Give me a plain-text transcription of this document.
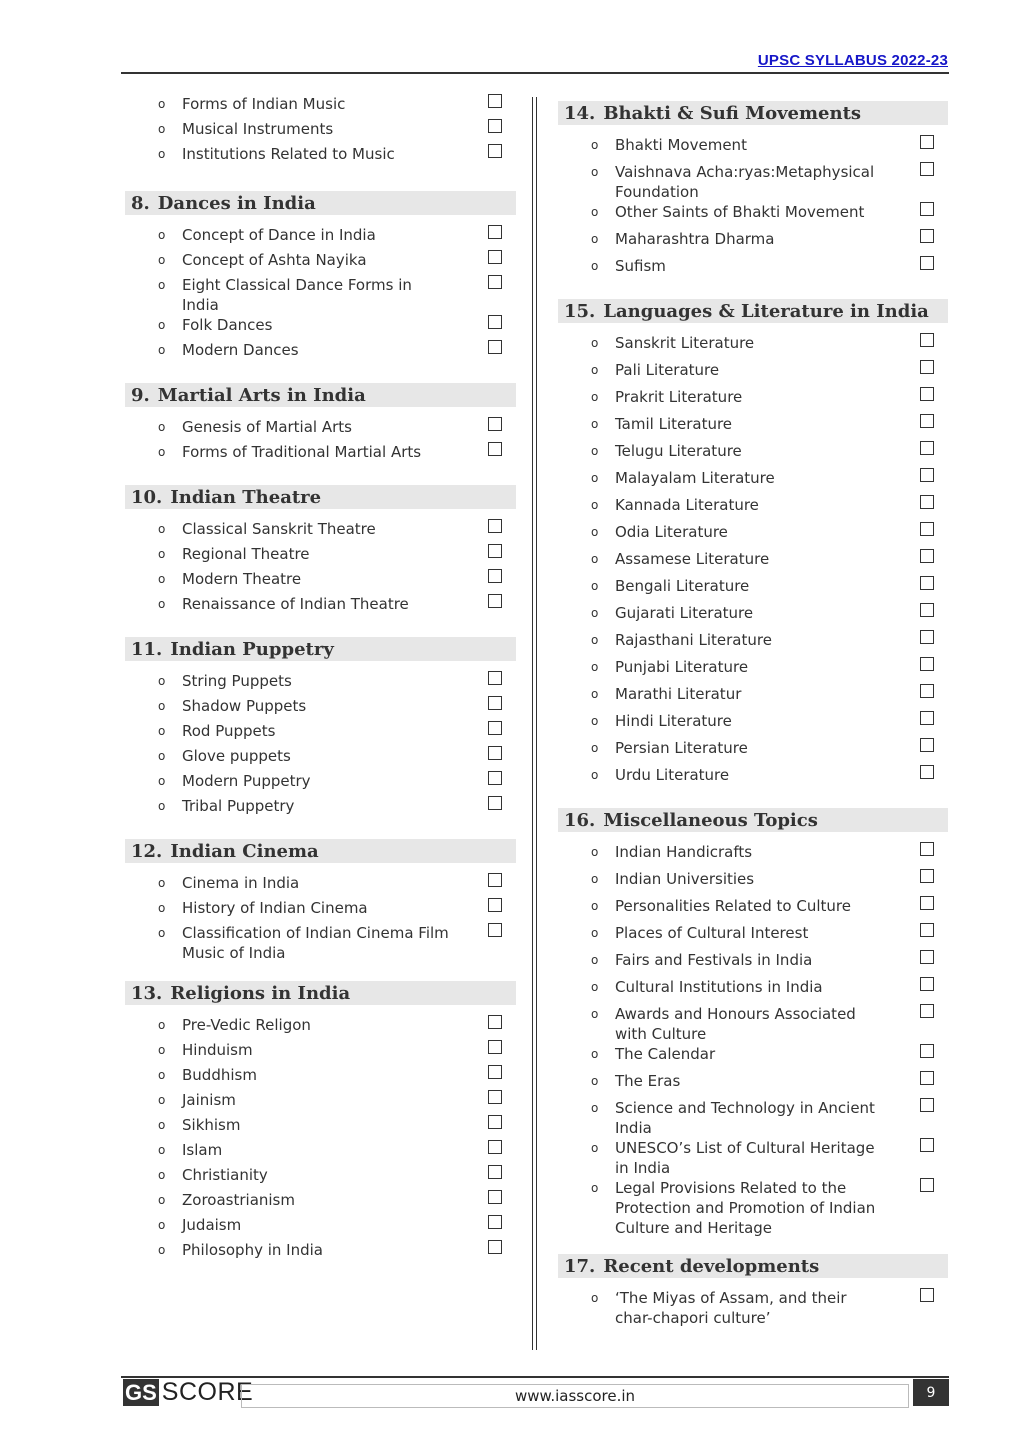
UPSC SYLLABUS 2022-23
o	Forms of Indian Music
o	Musical Instruments
o	Institutions Related to Music
8. Dances in India
o	Concept of Dance in India
o	Concept of Ashta Nayika
o	Eight Classical Dance Forms in India
o	Folk Dances
o	Modern Dances
9. Martial Arts in India
o	Genesis of Martial Arts
o	Forms of Traditional Martial Arts
10. Indian Theatre
o	Classical Sanskrit Theatre
o	Regional Theatre
o	Modern Theatre
o	Renaissance of Indian Theatre
11. Indian Puppetry
o	String Puppets
o	Shadow Puppets
o	Rod Puppets
o	Glove puppets
o	Modern Puppetry
o	Tribal Puppetry
12. Indian Cinema
o	Cinema in India
o	History of Indian Cinema
o	Classification of Indian Cinema Film Music of India
13. Religions in India
o	Pre-Vedic Religon
o	Hinduism
o	Buddhism
o	Jainism
o	Sikhism
o	Islam
o	Christianity
o	Zoroastrianism
o	Judaism
o	Philosophy in India
14. Bhakti & Sufi Movements
o	Bhakti Movement
o	Vaishnava Acha:ryas:Metaphysical Foundation
o	Other Saints of Bhakti Movement
o	Maharashtra Dharma
o	Sufism
15. Languages & Literature in India
o	Sanskrit Literature
o	Pali Literature
o	Prakrit Literature
o	Tamil Literature
o	Telugu Literature
o	Malayalam Literature
o	Kannada Literature
o	Odia Literature
o	Assamese Literature
o	Bengali Literature
o	Gujarati Literature
o	Rajasthani Literature
o	Punjabi Literature
o	Marathi Literatur
o	Hindi Literature
o	Persian Literature
o	Urdu Literature
16. Miscellaneous Topics
o	Indian Handicrafts
o	Indian Universities
o	Personalities Related to Culture
o	Places of Cultural Interest
o	Fairs and Festivals in India
o	Cultural Institutions in India
o	Awards and Honours Associated with Culture
o	The Calendar
o	The Eras
o	Science and Technology in Ancient India
o	UNESCO’s List of Cultural Heritage in India
o	Legal Provisions Related to the Protection and Promotion of Indian Culture and Heritage
17. Recent developments
o	‘The Miyas of Assam, and their char-chapori culture’
GS SCORE	www.iasscore.in	9
